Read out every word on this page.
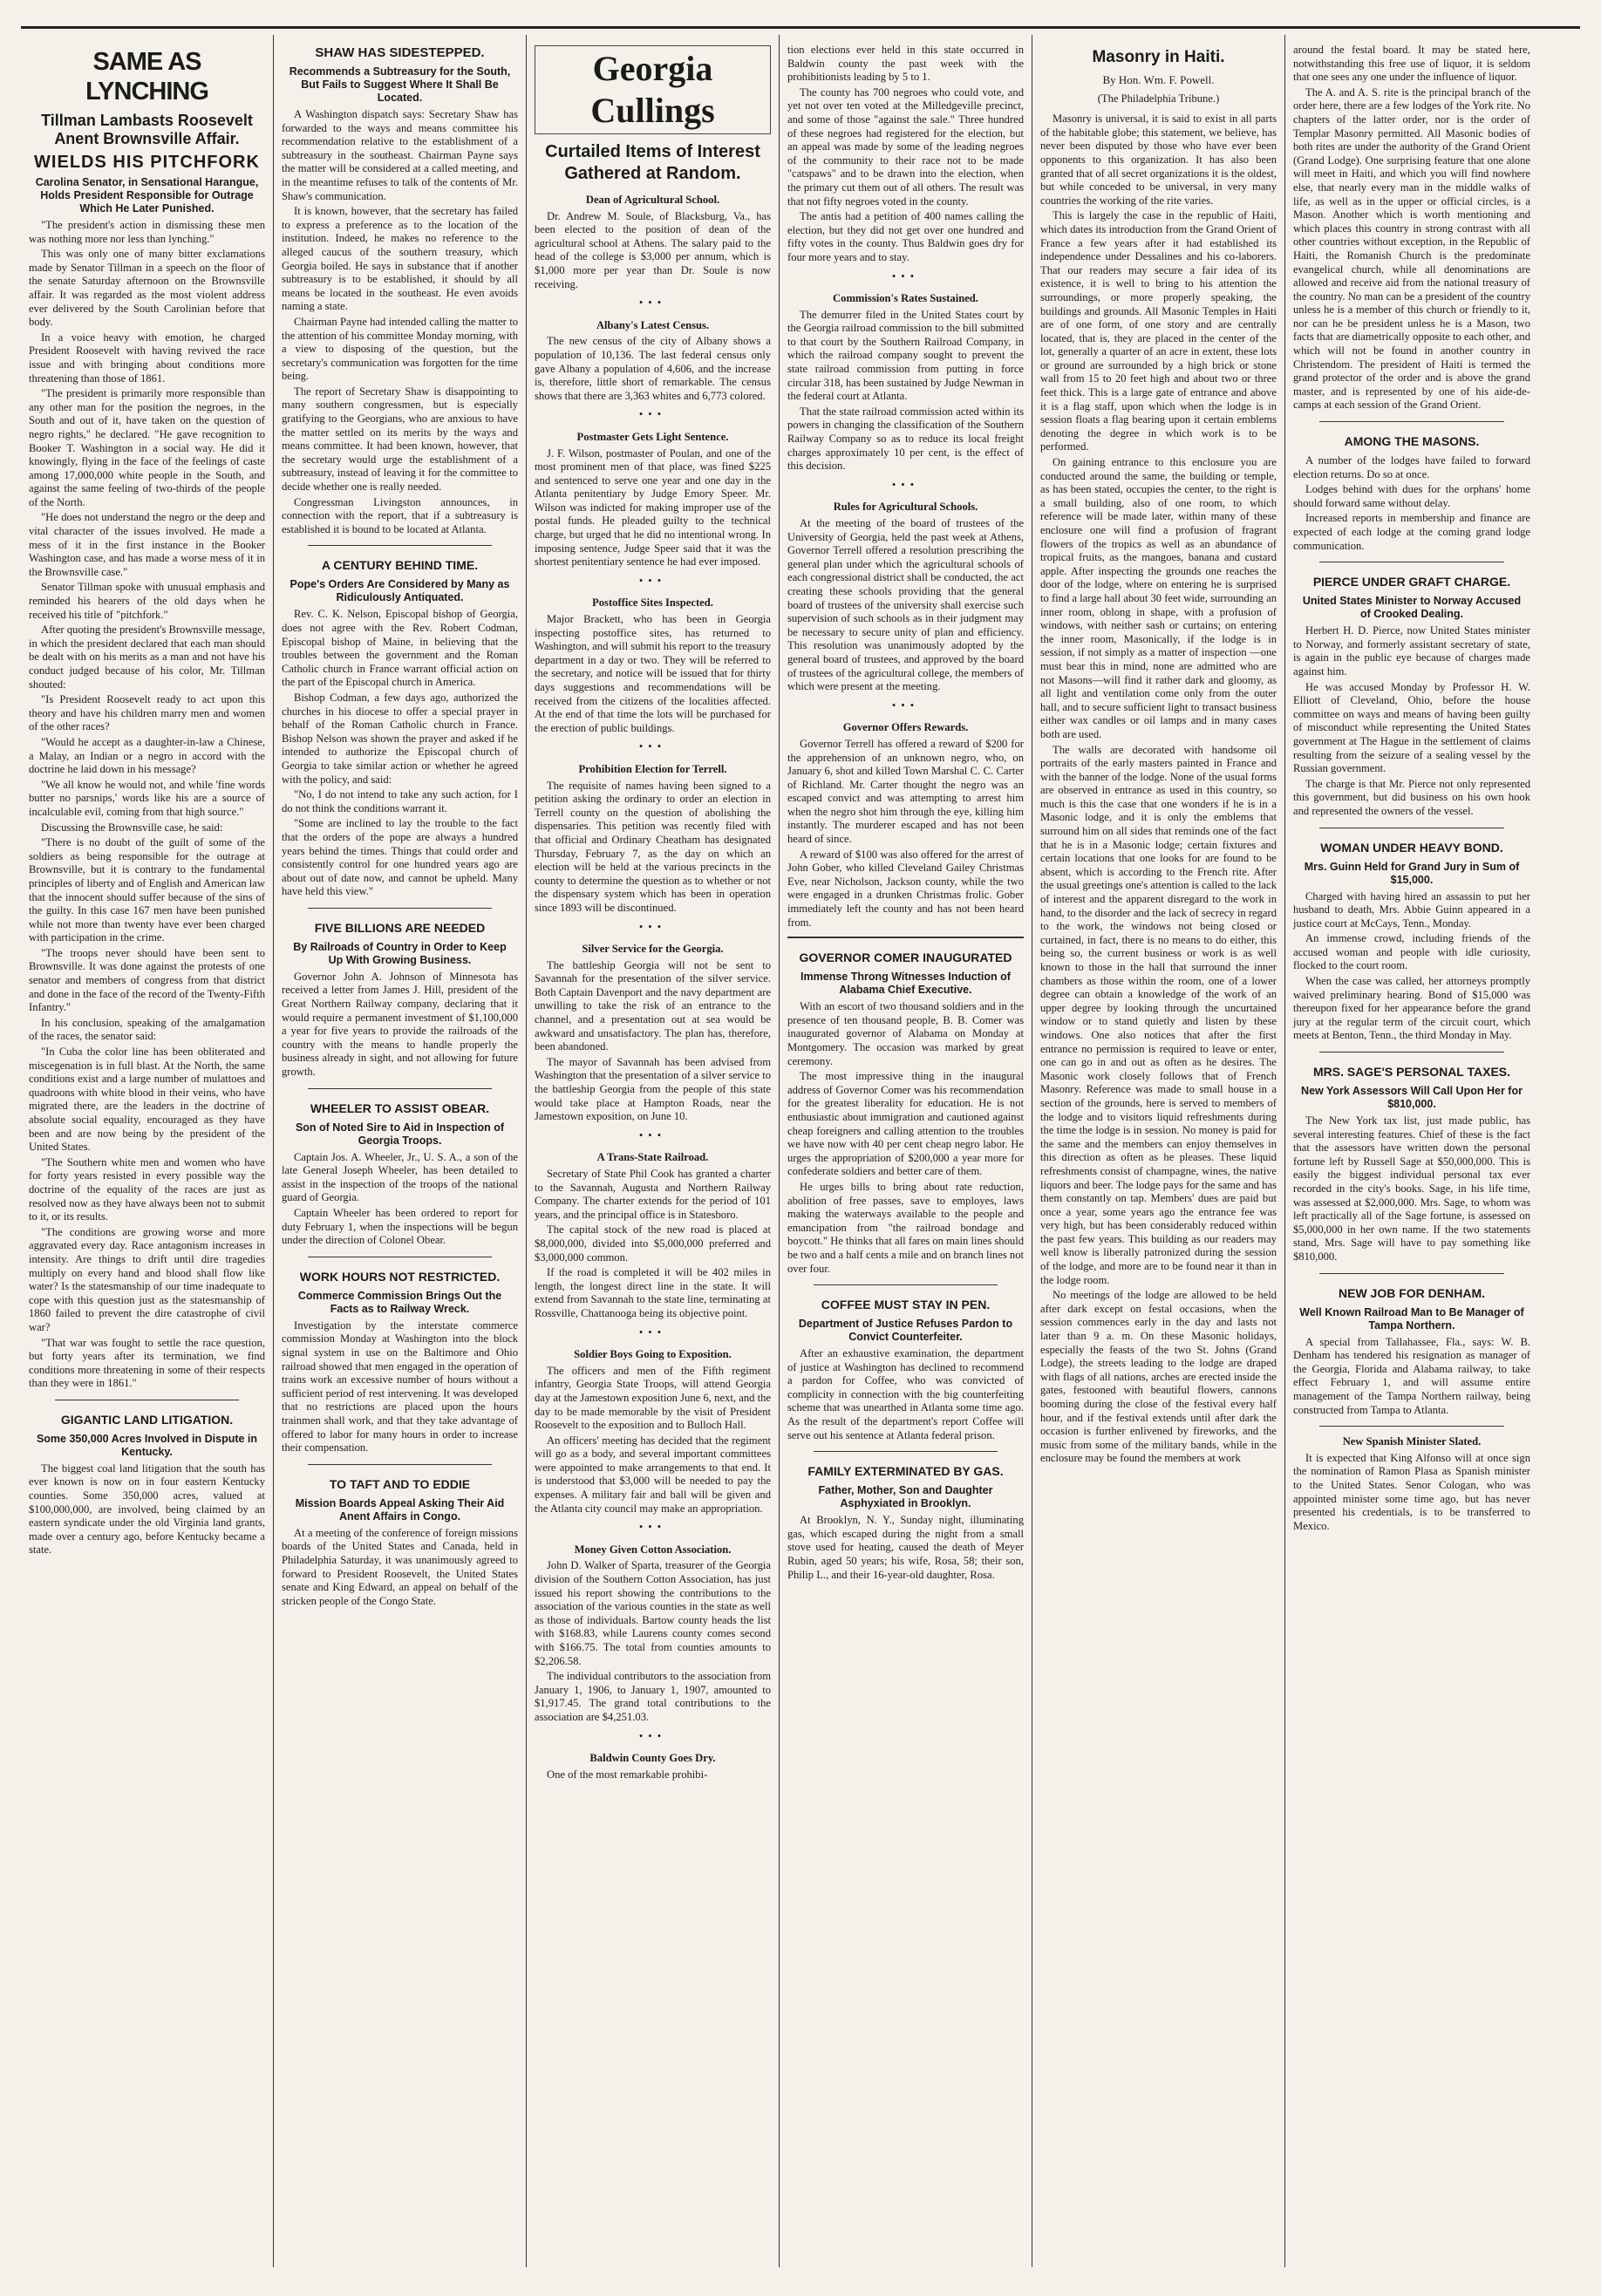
SAME AS LYNCHING
Tillman Lambasts Roosevelt Anent Brownsville Affair.
WIELDS HIS PITCHFORK
Carolina Senator, in Sensational Harangue, Holds President Responsible for Outrage Which He Later Punished.

"The president's action in dismissing these men was nothing more nor less than lynching."

This was only one of many bitter exclamations made by Senator Tillman in a speech on the floor of the senate Saturday afternoon on the Brownsville affair. It was regarded as the most violent address ever delivered by the South Carolinian before that body.

In a voice heavy with emotion, he charged President Roosevelt with having revived the race issue and with bringing about conditions more threatening than those of 1861.

"The president is primarily more responsible than any other man for the position the negroes, in the South and out of it, have taken on the question of negro rights," he declared. "He gave recognition to Booker T. Washington in a social way. He did it knowingly, flying in the face of the feelings of caste among 17,000,000 white people in the South, and against the same feeling of two-thirds of the people of the North.

"He does not understand the negro or the deep and vital character of the issues involved. He made a mess of it in the first instance in the Booker Washington case, and has made a worse mess of it in the Brownsville case."

Senator Tillman spoke with unusual emphasis and reminded his hearers of the old days when he received his title of "pitchfork."

After quoting the president's Brownsville message, in which the president declared that each man should be dealt with on his merits as a man and not have his conduct judged because of his color, Mr. Tillman shouted:

"Is President Roosevelt ready to act upon this theory and have his children marry men and women of the other races?

"Would he accept as a daughter-in-law a Chinese, a Malay, an Indian or a negro in accord with the doctrine he laid down in his message?

"We all know he would not, and while 'fine words butter no parsnips,' words like his are a source of incalculable evil, coming from that high source."

Discussing the Brownsville case, he said:

"There is no doubt of the guilt of some of the soldiers as being responsible for the outrage at Brownsville, but it is contrary to the fundamental principles of liberty and of English and American law that the innocent should suffer because of the sins of the guilty. In this case 167 men have been punished while not more than twenty have ever been charged with participation in the crime.

"The troops never should have been sent to Brownsville. It was done against the protests of one senator and members of congress from that district and done in the face of the record of the Twenty-Fifth Infantry."

In his conclusion, speaking of the amalgamation of the races, the senator said:

"In Cuba the color line has been obliterated and miscegenation is in full blast. At the North, the same conditions exist and a large number of mulattoes and quadroons with white blood in their veins, who have migrated there, are the leaders in the doctrine of absolute social equality, encouraged as they have been and are now being by the president of the United States.

"The Southern white men and women who have for forty years resisted in every possible way the doctrine of the equality of the races are just as resolved now as they have always been not to submit to it, or its results.

"The conditions are growing worse and more aggravated every day. Race antagonism increases in intensity. Are things to drift until dire tragedies multiply on every hand and blood shall flow like water? Is the statesmanship of our time inadequate to cope with this question just as the statesmanship of 1860 failed to prevent the dire catastrophe of civil war?

"That war was fought to settle the race question, but forty years after its termination, we find conditions more threatening in some of their respects than they were in 1861."

GIGANTIC LAND LITIGATION.
Some 350,000 Acres Involved in Dispute in Kentucky.

The biggest coal land litigation that the south has ever known is now on in four eastern Kentucky counties. Some 350,000 acres, valued at $100,000,000, are involved, being claimed by an eastern syndicate under the old Virginia land grants, made over a century ago, before Kentucky became a state.

SHAW HAS SIDESTEPPED.
Recommends a Subtreasury for the South, But Fails to Suggest Where It Shall Be Located.

A Washington dispatch says: Secretary Shaw has forwarded to the ways and means committee his recommendation relative to the establishment of a subtreasury in the southeast. Chairman Payne says the matter will be considered at a called meeting, and in the meantime refuses to talk of the contents of Mr. Shaw's communication.

It is known, however, that the secretary has failed to express a preference as to the location of the institution. Indeed, he makes no reference to the alleged caucus of the southern treasury, which Georgia boiled. He says in substance that if another subtreasury is to be established, it should by all means be located in the southeast. He even avoids naming a state.

Chairman Payne had intended calling the matter to the attention of his committee Monday morning, with a view to disposing of the question, but the secretary's communication was forgotten for the time being.

The report of Secretary Shaw is disappointing to many southern congressmen, but is especially gratifying to the Georgians, who are anxious to have the matter settled on its merits by the ways and means committee. It had been known, however, that the secretary would urge the establishment of a subtreasury, instead of leaving it for the committee to decide whether one is really needed.

Congressman Livingston announces, in connection with the report, that if a subtreasury is established it is bound to be located at Atlanta.

A CENTURY BEHIND TIME.
Pope's Orders Are Considered by Many as Ridiculously Antiquated.

Rev. C. K. Nelson, Episcopal bishop of Georgia, does not agree with the Rev. Robert Codman, Episcopal bishop of Maine, in believing that the troubles between the government and the Roman Catholic church in France warrant official action on the part of the Episcopal church in America.

Bishop Codman, a few days ago, authorized the churches in his diocese to offer a special prayer in behalf of the Roman Catholic church in France. Bishop Nelson was shown the prayer and asked if he intended to authorize the Episcopal church of Georgia to take similar action or whether he agreed with the policy, and said:

"No, I do not intend to take any such action, for I do not think the conditions warrant it.

"Some are inclined to lay the trouble to the fact that the orders of the pope are always a hundred years behind the times. Things that could order and consistently control for one hundred years ago are about out of date now, and cannot be upheld. Many have held this view."

FIVE BILLIONS ARE NEEDED
By Railroads of Country in Order to Keep Up With Growing Business.

Governor John A. Johnson of Minnesota has received a letter from James J. Hill, president of the Great Northern Railway company, declaring that it would require a permanent investment of $1,100,000 a year for five years to provide the railroads of the country with the means to handle properly the business already in sight, and not allowing for future growth.

WHEELER TO ASSIST OBEAR.
Son of Noted Sire to Aid in Inspection of Georgia Troops.

Captain Jos. A. Wheeler, Jr., U. S. A., a son of the late General Joseph Wheeler, has been detailed to assist in the inspection of the troops of the national guard of Georgia.

Captain Wheeler has been ordered to report for duty February 1, when the inspections will be begun under the direction of Colonel Obear.

WORK HOURS NOT RESTRICTED.
Commerce Commission Brings Out the Facts as to Railway Wreck.

Investigation by the interstate commerce commission Monday at Washington into the block signal system in use on the Baltimore and Ohio railroad showed that men engaged in the operation of trains work an excessive number of hours without a sufficient period of rest intervening. It was developed that no restrictions are placed upon the hours trainmen shall work, and that they take advantage of offered to labor for many hours in order to increase their compensation.

TO TAFT AND TO EDDIE
Mission Boards Appeal Asking Their Aid Anent Affairs in Congo.

At a meeting of the conference of foreign missions boards of the United States and Canada, held in Philadelphia Saturday, it was unanimously agreed to forward to President Roosevelt, the United States senate and King Edward, an appeal on behalf of the stricken people of the Congo State.

Georgia Cullings
Curtailed Items of Interest Gathered at Random.
Dean of Agricultural School.

Dr. Andrew M. Soule, of Blacksburg, Va., has been elected to the position of dean of the agricultural school at Athens. The salary paid to the head of the college is $3,000 per annum, which is $1,000 more per year than Dr. Soule is now receiving.

•••
Albany's Latest Census.

The new census of the city of Albany shows a population of 10,136. The last federal census only gave Albany a population of 4,606, and the increase is, therefore, little short of remarkable. The census shows that there are 3,363 whites and 6,773 colored.

•••
Postmaster Gets Light Sentence.

J. F. Wilson, postmaster of Poulan, and one of the most prominent men of that place, was fined $225 and sentenced to serve one year and one day in the Atlanta penitentiary by Judge Emory Speer. Mr. Wilson was indicted for making improper use of the postal funds. He pleaded guilty to the technical charge, but urged that he did no intentional wrong. In imposing sentence, Judge Speer said that it was the shortest penitentiary sentence he had ever imposed.

•••
Postoffice Sites Inspected.

Major Brackett, who has been in Georgia inspecting postoffice sites, has returned to Washington, and will submit his report to the treasury department in a day or two. They will be referred to the secretary, and notice will be issued that for thirty days suggestions and recommendations will be received from the citizens of the localities affected. At the end of that time the lots will be purchased for the erection of public buildings.

•••
Prohibition Election for Terrell.

The requisite of names having been signed to a petition asking the ordinary to order an election in Terrell county on the question of abolishing the dispensaries. This petition was recently filed with that official and Ordinary Cheatham has designated Thursday, February 7, as the day on which an election will be held at the various precincts in the county to determine the question as to whether or not the dispensary system which has been in operation since 1893 will be discontinued.

•••
Silver Service for the Georgia.

The battleship Georgia will not be sent to Savannah for the presentation of the silver service. Both Captain Davenport and the navy department are unwilling to take the risk of an entrance to the channel, and a presentation out at sea would be awkward and unsatisfactory. The plan has, therefore, been abandoned.

The mayor of Savannah has been advised from Washington that the presentation of a silver service to the battleship Georgia from the people of this state would take place at Hampton Roads, near the Jamestown exposition, on June 10.

•••
A Trans-State Railroad.

Secretary of State Phil Cook has granted a charter to the Savannah, Augusta and Northern Railway Company. The charter extends for the period of 101 years, and the principal office is in Statesboro.

The capital stock of the new road is placed at $8,000,000, divided into $5,000,000 preferred and $3,000,000 common.

If the road is completed it will be 402 miles in length, the longest direct line in the state. It will extend from Savannah to the state line, terminating at Rossville, Chattanooga being its objective point.

•••
Soldier Boys Going to Exposition.

The officers and men of the Fifth regiment infantry, Georgia State Troops, will attend Georgia day at the Jamestown exposition June 6, next, and the day to be made memorable by the visit of President Roosevelt to the exposition and to Bulloch Hall.

An officers' meeting has decided that the regiment will go as a body, and several important committees were appointed to make arrangements to that end. It is understood that $3,000 will be needed to pay the expenses. A military fair and ball will be given and the Atlanta city council may make an appropriation.

•••
Money Given Cotton Association.

John D. Walker of Sparta, treasurer of the Georgia division of the Southern Cotton Association, has just issued his report showing the contributions to the association of the various counties in the state as well as those of individuals. Bartow county heads the list with $168.83, while Laurens county comes second with $166.75. The total from counties amounts to $2,206.58.

The individual contributors to the association from January 1, 1906, to January 1, 1907, amounted to $1,917.45. The grand total contributions to the association are $4,251.03.

•••
Baldwin County Goes Dry.

One of the most remarkable prohibi-

tion elections ever held in this state occurred in Baldwin county the past week with the prohibitionists leading by 5 to 1.

The county has 700 negroes who could vote, and yet not over ten voted at the Milledgeville precinct, and some of those "against the sale." Three hundred of these negroes had registered for the election, but an appeal was made by some of the leading negroes of the community to their race not to be made "catspaws" and to be drawn into the election, when the primary cut them out of all others. The result was that not fifty negroes voted in the county.

The antis had a petition of 400 names calling the election, but they did not get over one hundred and fifty votes in the county. Thus Baldwin goes dry for four more years and to stay.

•••
Commission's Rates Sustained.

The demurrer filed in the United States court by the Georgia railroad commission to the bill submitted to that court by the Southern Railroad Company, in which the railroad company sought to prevent the state railroad commission from putting in force circular 318, has been sustained by Judge Newman in the federal court at Atlanta.

That the state railroad commission acted within its powers in changing the classification of the Southern Railway Company so as to reduce its local freight charges approximately 10 per cent, is the effect of this decision.

•••
Rules for Agricultural Schools.

At the meeting of the board of trustees of the University of Georgia, held the past week at Athens, Governor Terrell offered a resolution prescribing the general plan under which the agricultural schools of each congressional district shall be conducted, the act creating these schools providing that the general board of trustees of the university shall exercise such supervision of such schools as in their judgment may be necessary to secure unity of plan and efficiency. This resolution was unanimously adopted by the general board of trustees, and approved by the board of trustees of the agricultural college, the members of which were present at the meeting.

•••
Governor Offers Rewards.

Governor Terrell has offered a reward of $200 for the apprehension of an unknown negro, who, on January 6, shot and killed Town Marshal C. C. Carter of Richland. Mr. Carter thought the negro was an escaped convict and was attempting to arrest him when the negro shot him through the eye, killing him instantly. The murderer escaped and has not been heard of since.

A reward of $100 was also offered for the arrest of John Gober, who killed Cleveland Gailey Christmas Eve, near Nicholson, Jackson county, while the two were engaged in a drunken Christmas frolic. Gober immediately left the county and has not been heard from.

GOVERNOR COMER INAUGURATED
Immense Throng Witnesses Induction of Alabama Chief Executive.

With an escort of two thousand soldiers and in the presence of ten thousand people, B. B. Comer was inaugurated governor of Alabama on Monday at Montgomery. The occasion was marked by great ceremony.

The most impressive thing in the inaugural address of Governor Comer was his recommendation for the greatest liberality for education. He is not enthusiastic about immigration and cautioned against cheap foreigners and calling attention to the troubles we have now with 40 per cent cheap negro labor. He urges the appropriation of $200,000 a year more for confederate soldiers and better care of them.

He urges bills to bring about rate reduction, abolition of free passes, save to employes, laws making the waterways available to the people and emancipation from "the railroad bondage and boycott." He thinks that all fares on main lines should be two and a half cents a mile and on branch lines not over four.

COFFEE MUST STAY IN PEN.
Department of Justice Refuses Pardon to Convict Counterfeiter.

After an exhaustive examination, the department of justice at Washington has declined to recommend a pardon for Coffee, who was convicted of complicity in connection with the big counterfeiting scheme that was unearthed in Atlanta some time ago. As the result of the department's report Coffee will serve out his sentence at Atlanta federal prison.

FAMILY EXTERMINATED BY GAS.
Father, Mother, Son and Daughter Asphyxiated in Brooklyn.

At Brooklyn, N. Y., Sunday night, illuminating gas, which escaped during the night from a small stove used for heating, caused the death of Meyer Rubin, aged 50 years; his wife, Rosa, 58; their son, Philip L., and their 16-year-old daughter, Rosa.

Masonry in Haiti.
By Hon. Wm. F. Powell.
(The Philadelphia Tribune.)

Masonry is universal, it is said to exist in all parts of the habitable globe; this statement, we believe, has never been disputed by those who have ever been opponents to this organization. It has also been granted that of all secret organizations it is the oldest, but while conceded to be universal, in very many countries the working of the rite varies.

This is largely the case in the republic of Haiti, which dates its introduction from the Grand Orient of France a few years after it had established its independence under Dessalines and his co-laborers. That our readers may secure a fair idea of its existence, it is well to bring to his attention the surroundings, or more properly speaking, the buildings and grounds. All Masonic Temples in Haiti are of one form, of one story and are centrally located, that is, they are placed in the center of the lot, generally a quarter of an acre in extent, these lots or ground are surrounded by a high brick or stone wall from 15 to 20 feet high and about two or three feet thick. This is a large gate of entrance and above it is a flag staff, upon which when the lodge is in session floats a flag bearing upon it certain emblems denoting the degree in which work is to be performed.

On gaining entrance to this enclosure you are conducted around the same, the building or temple, as has been stated, occupies the center, to the right is a small building, also of one room, to which reference will be made later, within many of these enclosure one will find a profusion of fragrant flowers of the tropics as well as an abundance of tropical fruits, as the mangoes, banana and custard apple. After inspecting the grounds one reaches the door of the lodge, where on entering he is surprised to find a large hall about 30 feet wide, surrounding an inner room, oblong in shape, with a profusion of windows, with neither sash or curtains; on entering the inner room, Masonically, if the lodge is in session, if not simply as a matter of inspection —one must bear this in mind, none are admitted who are not Masons—will find it rather dark and gloomy, as all light and ventilation come only from the outer hall, and to secure sufficient light to transact business either wax candles or oil lamps and in many cases both are used.

The walls are decorated with handsome oil portraits of the early masters painted in France and with the banner of the lodge. None of the usual forms are observed in entrance as used in this country, so much is this the case that one wonders if he is in a Masonic lodge, and it is only the emblems that surround him on all sides that reminds one of the fact that he is in a Masonic lodge; certain fixtures and certain locations that one looks for are found to be absent, which is according to the French rite. After the usual greetings one's attention is called to the lack of interest and the apparent disregard to the work in hand, to the disorder and the lack of secrecy in regard to the work, the windows not being closed or curtained, in fact, there is no means to do either, this being so, the current business or work is as well known to those in the hall that surround the inner chambers as those within the room, one of a lower degree can obtain a knowledge of the work of an upper degree by looking through the uncurtained window or to stand quietly and listen by these windows. One also notices that after the first entrance no permission is required to leave or enter, one can go in and out as often as he desires. The Masonic work closely follows that of French Masonry. Reference was made to small house in a section of the grounds, here is served to members of the lodge and to visitors liquid refreshments during the time the lodge is in session. No money is paid for the same and the members can enjoy themselves in this direction as often as he pleases. These liquid refreshments consist of champagne, wines, the native liquors and beer. The lodge pays for the same and has them constantly on tap. Members' dues are paid but once a year, some years ago the entrance fee was very high, but has been considerably reduced within the past few years. This building as our readers may well know is liberally patronized during the session of the lodge, and more are to be found near it than in the lodge room.

No meetings of the lodge are allowed to be held after dark except on festal occasions, when the session commences early in the day and lasts not later than 9 a. m. On these Masonic holidays, especially the feasts of the two St. Johns (Grand Lodge), the streets leading to the lodge are draped with flags of all nations, arches are erected inside the gates, festooned with beautiful flowers, cannons booming during the close of the festival every half hour, and if the festival extends until after dark the occasion is further enlivened by fireworks, and the music from some of the military bands, while in the enclosure may be found the members at work

around the festal board. It may be stated here, notwithstanding this free use of liquor, it is seldom that one sees any one under the influence of liquor.

The A. and A. S. rite is the principal branch of the order here, there are a few lodges of the York rite. No chapters of the latter order, nor is the order of Templar Masonry permitted. All Masonic bodies of both rites are under the authority of the Grand Orient (Grand Lodge). One surprising feature that one alone will meet in Haiti, and which you will find nowhere else, that nearly every man in the middle walks of life, as well as in the upper or official circles, is a Mason. Another which is worth mentioning and which places this country in strong contrast with all other countries without exception, in the Republic of Haiti, the Romanish Church is the predominate evangelical church, while all denominations are allowed and receive aid from the national treasury of the country. No man can be a president of the country unless he is a member of this church or friendly to it, nor can he be president unless he is a Mason, two facts that are diametrically opposite to each other, and which will not be found in another country in Christendom. The president of Haiti is termed the grand protector of the order and is above the grand master, and is represented by one of his aide-de-camps at each session of the Grand Orient.

AMONG THE MASONS.

A number of the lodges have failed to forward election returns. Do so at once.

Lodges behind with dues for the orphans' home should forward same without delay.

Increased reports in membership and finance are expected of each lodge at the coming grand lodge communication.

PIERCE UNDER GRAFT CHARGE.
United States Minister to Norway Accused of Crooked Dealing.

Herbert H. D. Pierce, now United States minister to Norway, and formerly assistant secretary of state, is again in the public eye because of charges made against him.

He was accused Monday by Professor H. W. Elliott of Cleveland, Ohio, before the house committee on ways and means of having been guilty of misconduct while representing the United States government at The Hague in the settlement of claims resulting from the seizure of a sealing vessel by the Russian government.

The charge is that Mr. Pierce not only represented this government, but did business on his own hook and represented the owners of the vessel.

WOMAN UNDER HEAVY BOND.
Mrs. Guinn Held for Grand Jury in Sum of $15,000.

Charged with having hired an assassin to put her husband to death, Mrs. Abbie Guinn appeared in a justice court at McCays, Tenn., Monday.

An immense crowd, including friends of the accused woman and people with idle curiosity, flocked to the court room.

When the case was called, her attorneys promptly waived preliminary hearing. Bond of $15,000 was thereupon fixed for her appearance before the grand jury at the regular term of the circuit court, which meets at Benton, Tenn., the third Monday in May.

MRS. SAGE'S PERSONAL TAXES.
New York Assessors Will Call Upon Her for $810,000.

The New York tax list, just made public, has several interesting features. Chief of these is the fact that the assessors have written down the personal fortune left by Russell Sage at $50,000,000. This is easily the biggest individual personal tax ever recorded in the city's books. Sage, in his life time, was assessed at $2,000,000. Mrs. Sage, to whom was left practically all of the Sage fortune, is assessed on $5,000,000 in her own name. If the two statements stand, Mrs. Sage will have to pay something like $810,000.

NEW JOB FOR DENHAM.
Well Known Railroad Man to Be Manager of Tampa Northern.

A special from Tallahassee, Fla., says: W. B. Denham has tendered his resignation as manager of the Georgia, Florida and Alabama railway, to take effect February 1, and will assume entire management of the Tampa Northern railway, being constructed from Tampa to Atlanta.

New Spanish Minister Slated.

It is expected that King Alfonso will at once sign the nomination of Ramon Plasa as Spanish minister to the United States. Senor Cologan, who was appointed minister some time ago, but has never presented his credentials, is to be transferred to Mexico.
